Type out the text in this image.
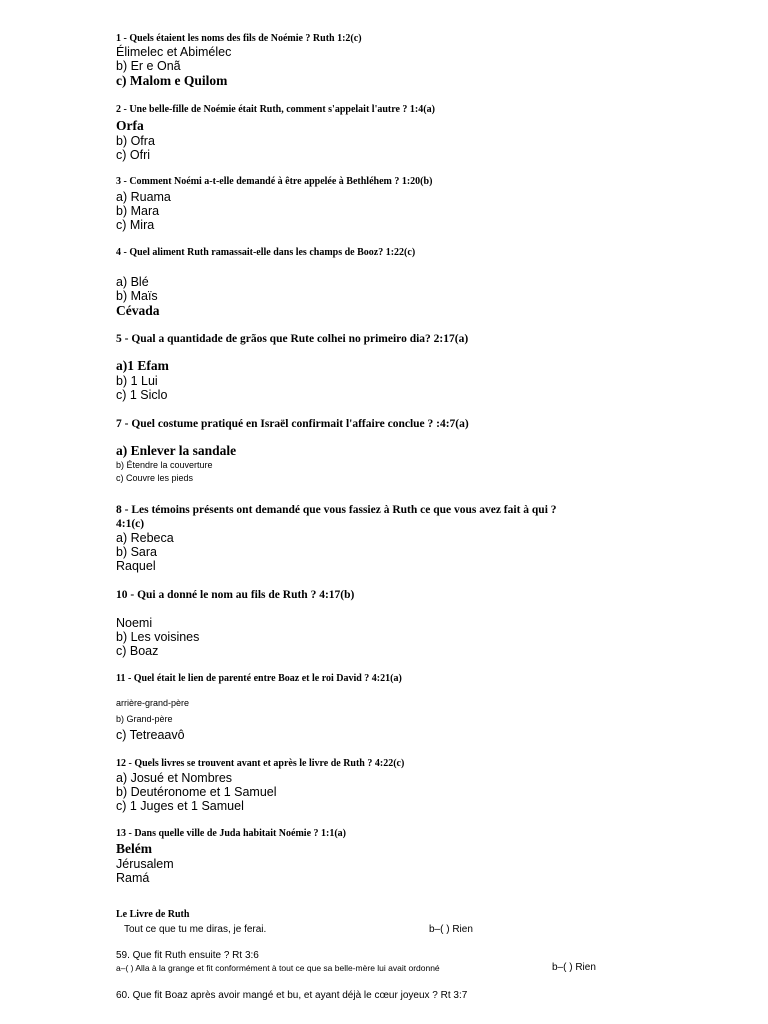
1 - Quels étaient les noms des fils de Noémie ? Ruth 1:2(c)

Élimelec et Abimélec

b) Er e Onã

c) Malom e Quilom

2 - Une belle-fille de Noémie était Ruth, comment s'appelait l'autre ? 1:4(a)

Orfa

b) Ofra

c) Ofri

3 - Comment Noémi a-t-elle demandé à être appelée à Bethléhem ? 1:20(b)

a) Ruama

b) Mara

c) Mira

4 - Quel aliment Ruth ramassait-elle dans les champs de Booz? 1:22(c)

a) Blé

b) Maïs

Cévada

5 - Qual a quantidade de grãos que Rute colhei no primeiro dia? 2:17(a)

a)1 Efam

b) 1 Lui

c) 1 Siclo

7 - Quel costume pratiqué en Israël confirmait l'affaire conclue ? :4:7(a)

a) Enlever la sandale

b) Étendre la couverture

c) Couvre les pieds

8 - Les témoins présents ont demandé que vous fassiez à Ruth ce que vous avez fait à qui ? 4:1(c)

a) Rebeca

b) Sara

Raquel

10 - Qui a donné le nom au fils de Ruth ? 4:17(b)

Noemi

b) Les voisines

c) Boaz

11 - Quel était le lien de parenté entre Boaz et le roi David ? 4:21(a)

arrière-grand-père

b) Grand-père

c) Tetreaavô

12 - Quels livres se trouvent avant et après le livre de Ruth ? 4:22(c)

a) Josué et Nombres

b) Deutéronome et 1 Samuel

c) 1 Juges et 1 Samuel

13 - Dans quelle ville de Juda habitait Noémie ? 1:1(a)

Belém

Jérusalem

Ramá

Le Livre de Ruth

Tout ce que tu me diras, je ferai.	b–( ) Rien

59. Que fit Ruth ensuite ? Rt 3:6

a–( ) Alla à la grange et fit conformément à tout ce que sa belle-mère lui avait ordonné	b–( ) Rien

60. Que fit Boaz après avoir mangé et bu, et ayant déjà le cœur joyeux ? Rt 3:7
